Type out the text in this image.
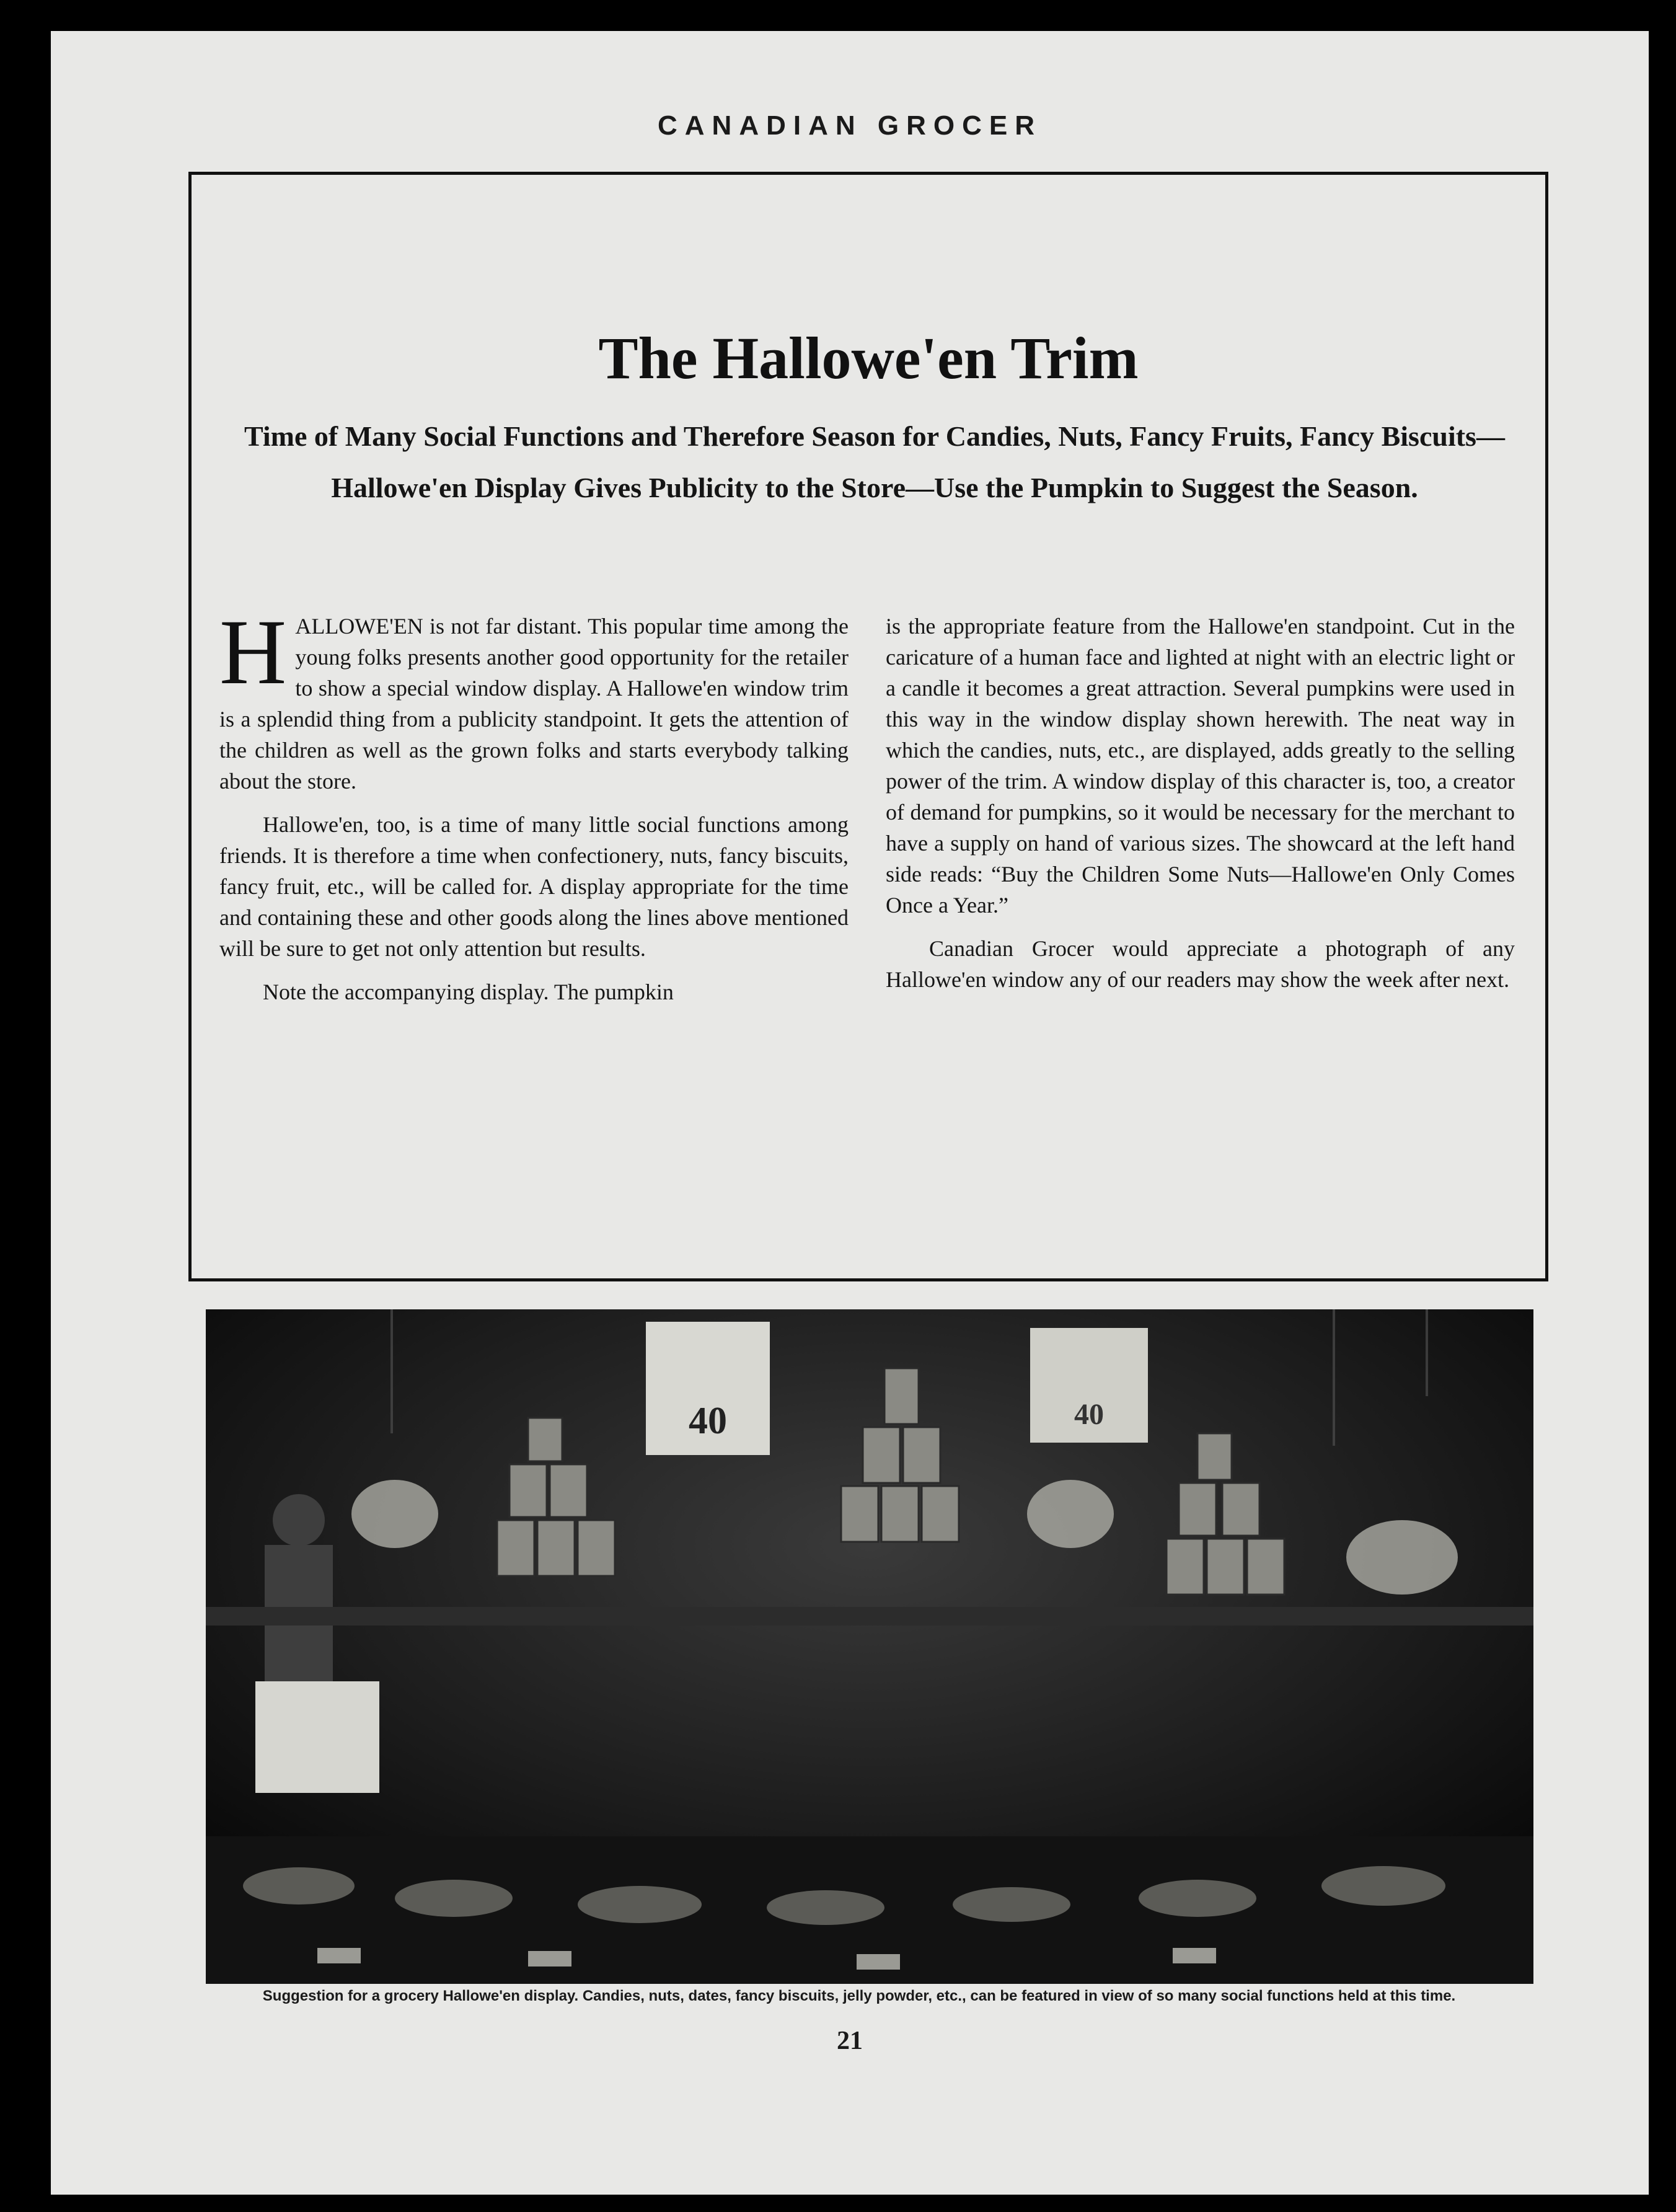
CANADIAN GROCER
The Hallowe'en Trim
Time of Many Social Functions and Therefore Season for Candies, Nuts, Fancy Fruits, Fancy Biscuits—Hallowe'en Display Gives Publicity to the Store—Use the Pumpkin to Suggest the Season.

H ALLOWE'EN is not far distant. This popular time among the young folks presents another good opportunity for the retailer to show a special window display. A Hallowe'en window trim is a splendid thing from a publicity standpoint. It gets the attention of the children as well as the grown folks and starts everybody talking about the store.

Hallowe'en, too, is a time of many little social functions among friends. It is therefore a time when confectionery, nuts, fancy biscuits, fancy fruit, etc., will be called for. A display appropriate for the time and containing these and other goods along the lines above mentioned will be sure to get not only attention but results.

Note the accompanying display. The pumpkin

is the appropriate feature from the Hallowe'en standpoint. Cut in the caricature of a human face and lighted at night with an electric light or a candle it becomes a great attraction. Several pumpkins were used in this way in the window display shown herewith. The neat way in which the candies, nuts, etc., are displayed, adds greatly to the selling power of the trim. A window display of this character is, too, a creator of demand for pumpkins, so it would be necessary for the merchant to have a supply on hand of various sizes. The showcard at the left hand side reads: “Buy the Children Some Nuts—Hallowe'en Only Comes Once a Year.”

Canadian Grocer would appreciate a photograph of any Hallowe'en window any of our readers may show the week after next.

40	40
Suggestion for a grocery Hallowe'en display. Candies, nuts, dates, fancy biscuits, jelly powder, etc., can be featured in view of so many social functions held at this time.
21
